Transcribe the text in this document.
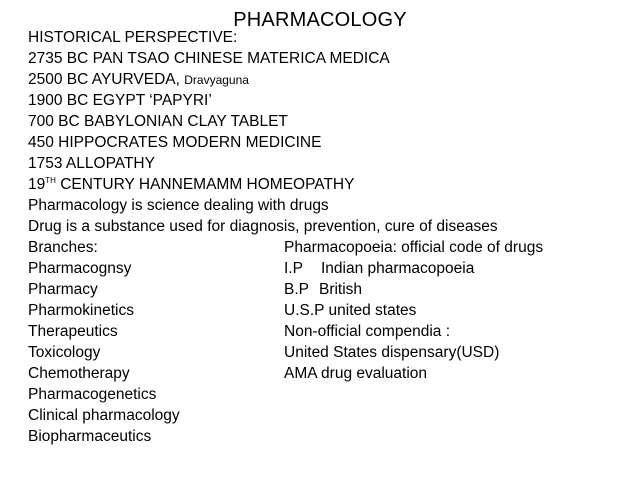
PHARMACOLOGY
HISTORICAL PERSPECTIVE:
2735 BC PAN TSAO CHINESE MATERICA MEDICA
2500 BC AYURVEDA, Dravyaguna
1900 BC EGYPT ‘PAPYRI’
700 BC BABYLONIAN CLAY TABLET
450 HIPPOCRATES MODERN MEDICINE
1753 ALLOPATHY
19TH CENTURY HANNEMAMM HOMEOPATHY
Pharmacology is science dealing with drugs
Drug is a substance used for diagnosis, prevention, cure of diseases
Branches:	Pharmacopoeia: official code of drugs
Pharmacognsy	I.P Indian pharmacopoeia
Pharmacy	B.P British
Pharmokinetics	U.S.P united states
Therapeutics	Non-official compendia :
Toxicology	United States dispensary(USD)
Chemotherapy	AMA drug evaluation
Pharmacogenetics
Clinical pharmacology
Biopharmaceutics
